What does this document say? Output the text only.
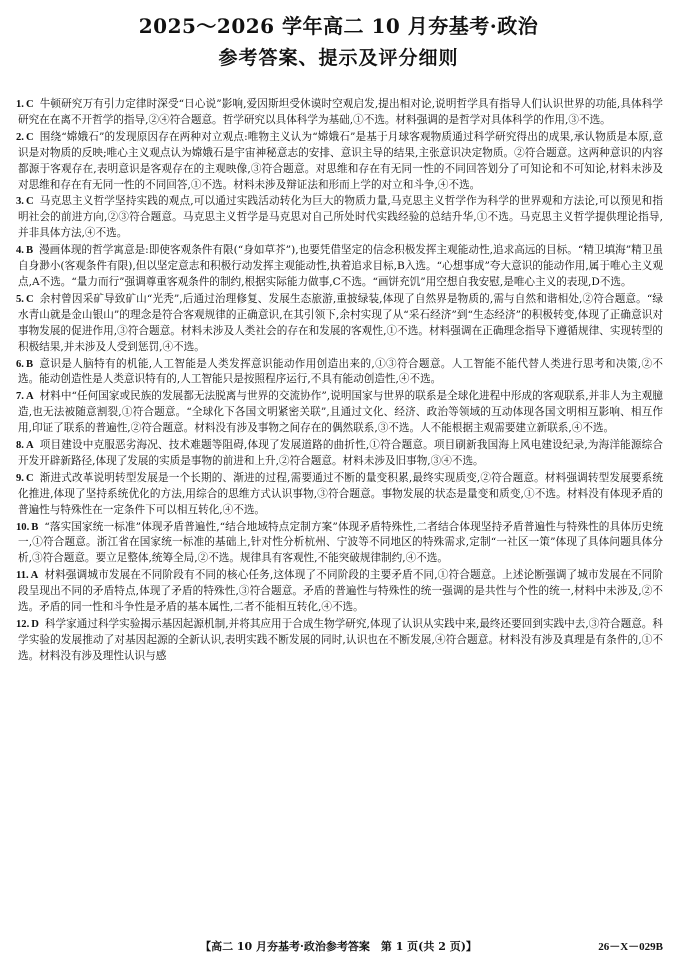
2025～2026 学年高二 10 月夯基考·政治
参考答案、提示及评分细则

1. C 牛顿研究万有引力定律时深受“日心说”影响,爱因斯坦受休谟时空观启发,提出相对论,说明哲学具有指导人们认识世界的功能,具体科学研究在在离不开哲学的指导,②④符合题意。哲学研究以具体科学为基础,①不选。材料强调的是哲学对具体科学的作用,③不选。

2. C 围绕“嫦娥石”的发现原因存在两种对立观点:唯物主义认为“嫦娥石”是基于月球客观物质通过科学研究得出的成果,承认物质是本原,意识是对物质的反映;唯心主义观点认为嫦娥石是宇宙神秘意志的安排、意识主导的结果,主张意识决定物质。②符合题意。这两种意识的内容都源于客观存在,表明意识是客观存在的主观映像,③符合题意。对思维和存在有无同一性的不同回答划分了可知论和不可知论,材料未涉及对思维和存在有无同一性的不同回答,①不选。材料未涉及辩证法和形而上学的对立和斗争,④不选。

3. C 马克思主义哲学坚持实践的观点,可以通过实践活动转化为巨大的物质力量,马克思主义哲学作为科学的世界观和方法论,可以预见和指明社会的前进方向,②③符合题意。马克思主义哲学是马克思对自己所处时代实践经验的总结升华,①不选。马克思主义哲学提供理论指导,并非具体方法,④不选。

4. B 漫画体现的哲学寓意是:即使客观条件有限(“身如草芥”),也要凭借坚定的信念积极发挥主观能动性,追求高远的目标。“精卫填海”精卫虽自身渺小(客观条件有限),但以坚定意志和积极行动发挥主观能动性,执着追求目标,B入选。“心想事成”夸大意识的能动作用,属于唯心主义观点,A不选。“量力而行”强调尊重客观条件的制约,根据实际能力做事,C不选。“画饼充饥”用空想自我安慰,是唯心主义的表现,D不选。

5. C 余村曾因采矿导致矿山“光秃”,后通过治理修复、发展生态旅游,重披绿装,体现了自然界是物质的,需与自然和谐相处,②符合题意。“绿水青山就是金山银山”的理念是符合客观规律的正确意识,在其引领下,余村实现了从“采石经济”到“生态经济”的积极转变,体现了正确意识对事物发展的促进作用,③符合题意。材料未涉及人类社会的存在和发展的客观性,①不选。材料强调在正确理念指导下遵循规律、实现转型的积极结果,并未涉及人受到惩罚,④不选。

6. B 意识是人脑特有的机能,人工智能是人类发挥意识能动作用创造出来的,①③符合题意。人工智能不能代替人类进行思考和决策,②不选。能动创造性是人类意识特有的,人工智能只是按照程序运行,不具有能动创造性,④不选。

7. A 材料中“任何国家或民族的发展都无法脱离与世界的交流协作”,说明国家与世界的联系是全球化进程中形成的客观联系,并非人为主观臆造,也无法被随意割裂,①符合题意。“全球化下各国文明紧密关联”,且通过文化、经济、政治等领域的互动体现各国文明相互影响、相互作用,印证了联系的普遍性,②符合题意。材料没有涉及事物之间存在的偶然联系,③不选。人不能根据主观需要建立新联系,④不选。

8. A 项目建设中克服恶劣海况、技术难题等阻碍,体现了发展道路的曲折性,①符合题意。项目刷新我国海上风电建设纪录,为海洋能源综合开发开辟新路径,体现了发展的实质是事物的前进和上升,②符合题意。材料未涉及旧事物,③④不选。

9. C 渐进式改革说明转型发展是一个长期的、渐进的过程,需要通过不断的量变积累,最终实现质变,②符合题意。材料强调转型发展要系统化推进,体现了坚持系统优化的方法,用综合的思维方式认识事物,③符合题意。事物发展的状态是量变和质变,①不选。材料没有体现矛盾的普遍性与特殊性在一定条件下可以相互转化,④不选。

10. B “落实国家统一标准”体现矛盾普遍性,“结合地域特点定制方案”体现矛盾特殊性,二者结合体现坚持矛盾普遍性与特殊性的具体历史统一,①符合题意。浙江省在国家统一标准的基础上,针对性分析杭州、宁波等不同地区的特殊需求,定制“一社区一策”体现了具体问题具体分析,③符合题意。要立足整体,统筹全局,②不选。规律具有客观性,不能突破规律制约,④不选。

11. A 材料强调城市发展在不同阶段有不同的核心任务,这体现了不同阶段的主要矛盾不同,①符合题意。上述论断强调了城市发展在不同阶段呈现出不同的矛盾特点,体现了矛盾的特殊性,③符合题意。矛盾的普遍性与特殊性的统一强调的是共性与个性的统一,材料中未涉及,②不选。矛盾的同一性和斗争性是矛盾的基本属性,二者不能相互转化,④不选。

12. D 科学家通过科学实验揭示基因起源机制,并将其应用于合成生物学研究,体现了认识从实践中来,最终还要回到实践中去,③符合题意。科学实验的发展推动了对基因起源的全新认识,表明实践不断发展的同时,认识也在不断发展,④符合题意。材料没有涉及真理是有条件的,①不选。材料没有涉及理性认识与感

【高二 10 月夯基考·政治参考答案　第 1 页(共 2 页)】	26－X－029B
